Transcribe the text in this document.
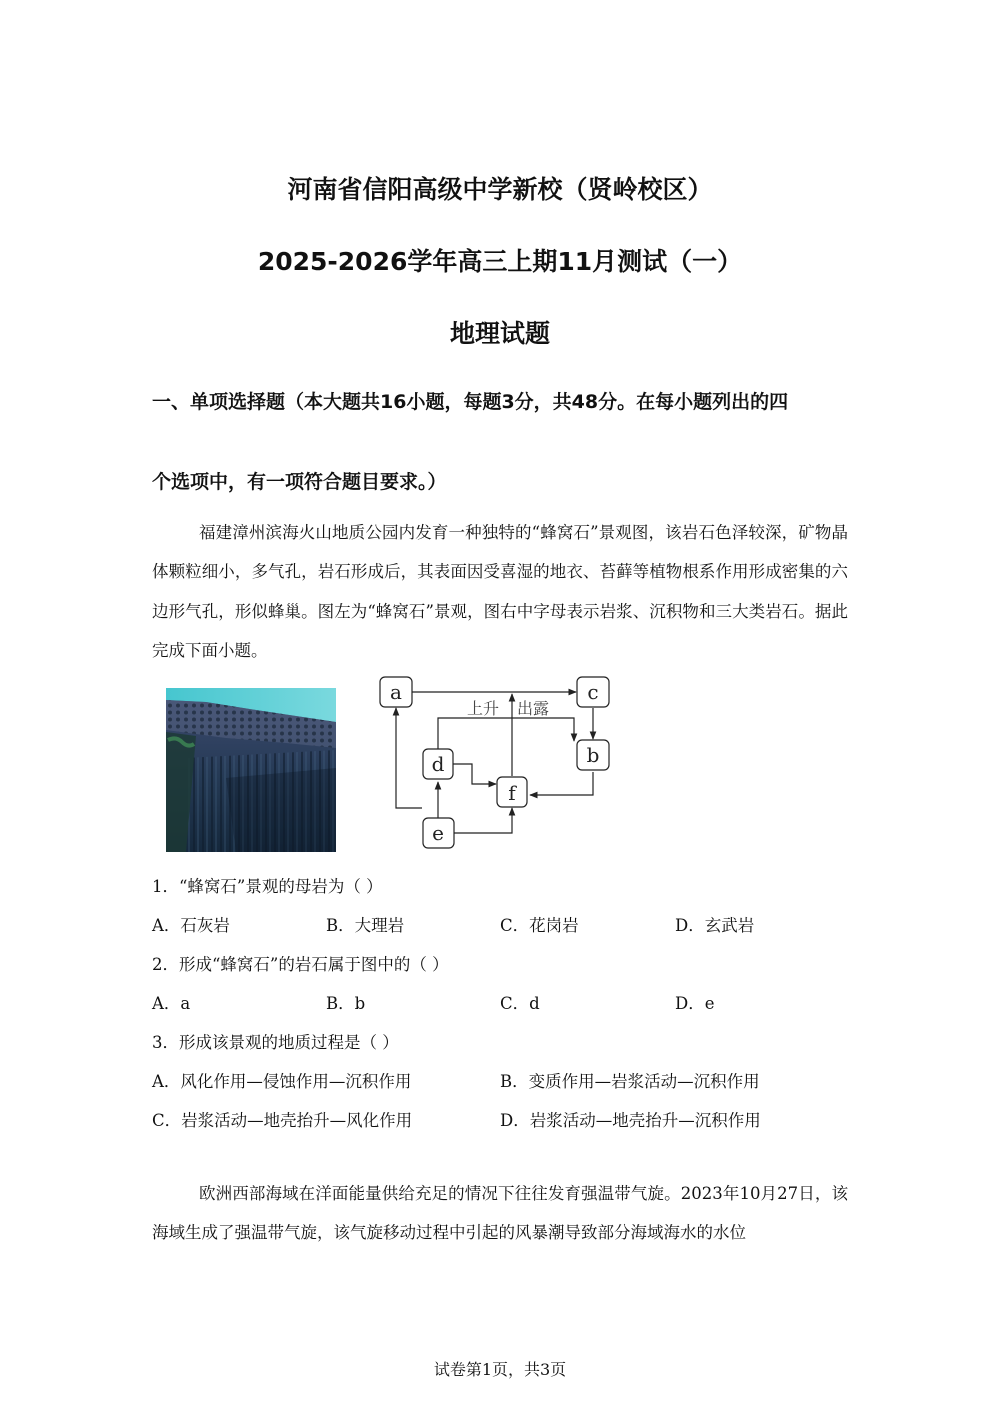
河南省信阳高级中学新校（贤岭校区）
2025-2026学年高三上期11月测试（一）
地理试题
一、单项选择题（本大题共16小题，每题3分，共48分。在每小题列出的四
个选项中，有一项符合题目要求。）
福建漳州滨海火山地质公园内发育一种独特的“蜂窝石”景观图，该岩石色泽较深，矿物晶体颗粒细小，多气孔，岩石形成后，其表面因受喜湿的地衣、苔藓等植物根系作用形成密集的六边形气孔，形似蜂巢。图左为“蜂窝石”景观，图右中字母表示岩浆、沉积物和三大类岩石。据此完成下面小题。
a	c
b
d
f
e
上升 出露
1．“蜂窝石”景观的母岩为（ ）
A．石灰岩	B．大理岩	C．花岗岩	D．玄武岩
2．形成“蜂窝石”的岩石属于图中的（ ）
A．a	B．b	C．d	D．e
3．形成该景观的地质过程是（ ）
A．风化作用—侵蚀作用—沉积作用	B．变质作用—岩浆活动—沉积作用
C．岩浆活动—地壳抬升—风化作用	D．岩浆活动—地壳抬升—沉积作用
欧洲西部海域在洋面能量供给充足的情况下往往发育强温带气旋。2023年10月27日，该海域生成了强温带气旋，该气旋移动过程中引起的风暴潮导致部分海域海水的水位
试卷第1页，共3页
